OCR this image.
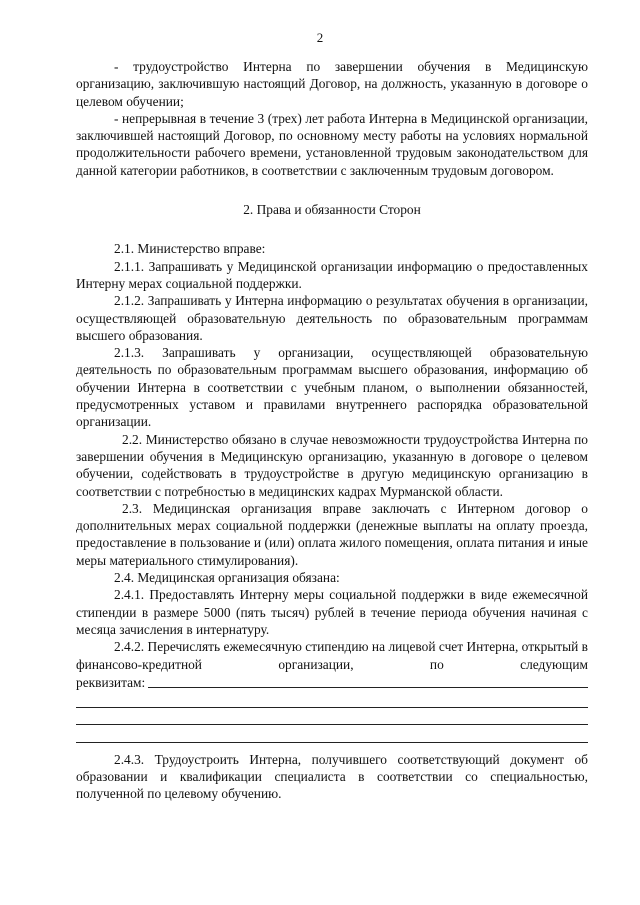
2

- трудоустройство Интерна по завершении обучения в Медицинскую организацию, заключившую настоящий Договор, на должность, указанную в договоре о целевом обучении;

- непрерывная в течение 3 (трех) лет работа Интерна в Медицинской организации, заключившей настоящий Договор, по основному месту работы на условиях нормальной продолжительности рабочего времени, установленной трудовым законодательством для данной категории работников, в соответствии с заключенным трудовым договором.

2. Права и обязанности Сторон

2.1. Министерство вправе:

2.1.1. Запрашивать у Медицинской организации информацию о предоставленных Интерну мерах социальной поддержки.

2.1.2. Запрашивать у Интерна информацию о результатах обучения в организации, осуществляющей образовательную деятельность по образовательным программам высшего образования.

2.1.3. Запрашивать у организации, осуществляющей образовательную деятельность по образовательным программам высшего образования, информацию об обучении Интерна в соответствии с учебным планом, о выполнении обязанностей, предусмотренных уставом и правилами внутреннего распорядка образовательной организации.

2.2. Министерство обязано в случае невозможности трудоустройства Интерна по завершении обучения в Медицинскую организацию, указанную в договоре о целевом обучении, содействовать в трудоустройстве в другую медицинскую организацию в соответствии с потребностью в медицинских кадрах Мурманской области.

2.3. Медицинская организация вправе заключать с Интерном договор о дополнительных мерах социальной поддержки (денежные выплаты на оплату проезда, предоставление в пользование и (или) оплата жилого помещения, оплата питания и иные меры материального стимулирования).

2.4. Медицинская организация обязана:

2.4.1. Предоставлять Интерну меры социальной поддержки в виде ежемесячной стипендии в размере 5000 (пять тысяч) рублей в течение периода обучения начиная с месяца зачисления в интернатуру.

2.4.2. Перечислять ежемесячную стипендию на лицевой счет Интерна, открытый в финансово-кредитной организации, по следующим

реквизитам:

2.4.3. Трудоустроить Интерна, получившего соответствующий документ об образовании и квалификации специалиста в соответствии со специальностью, полученной по целевому обучению.
